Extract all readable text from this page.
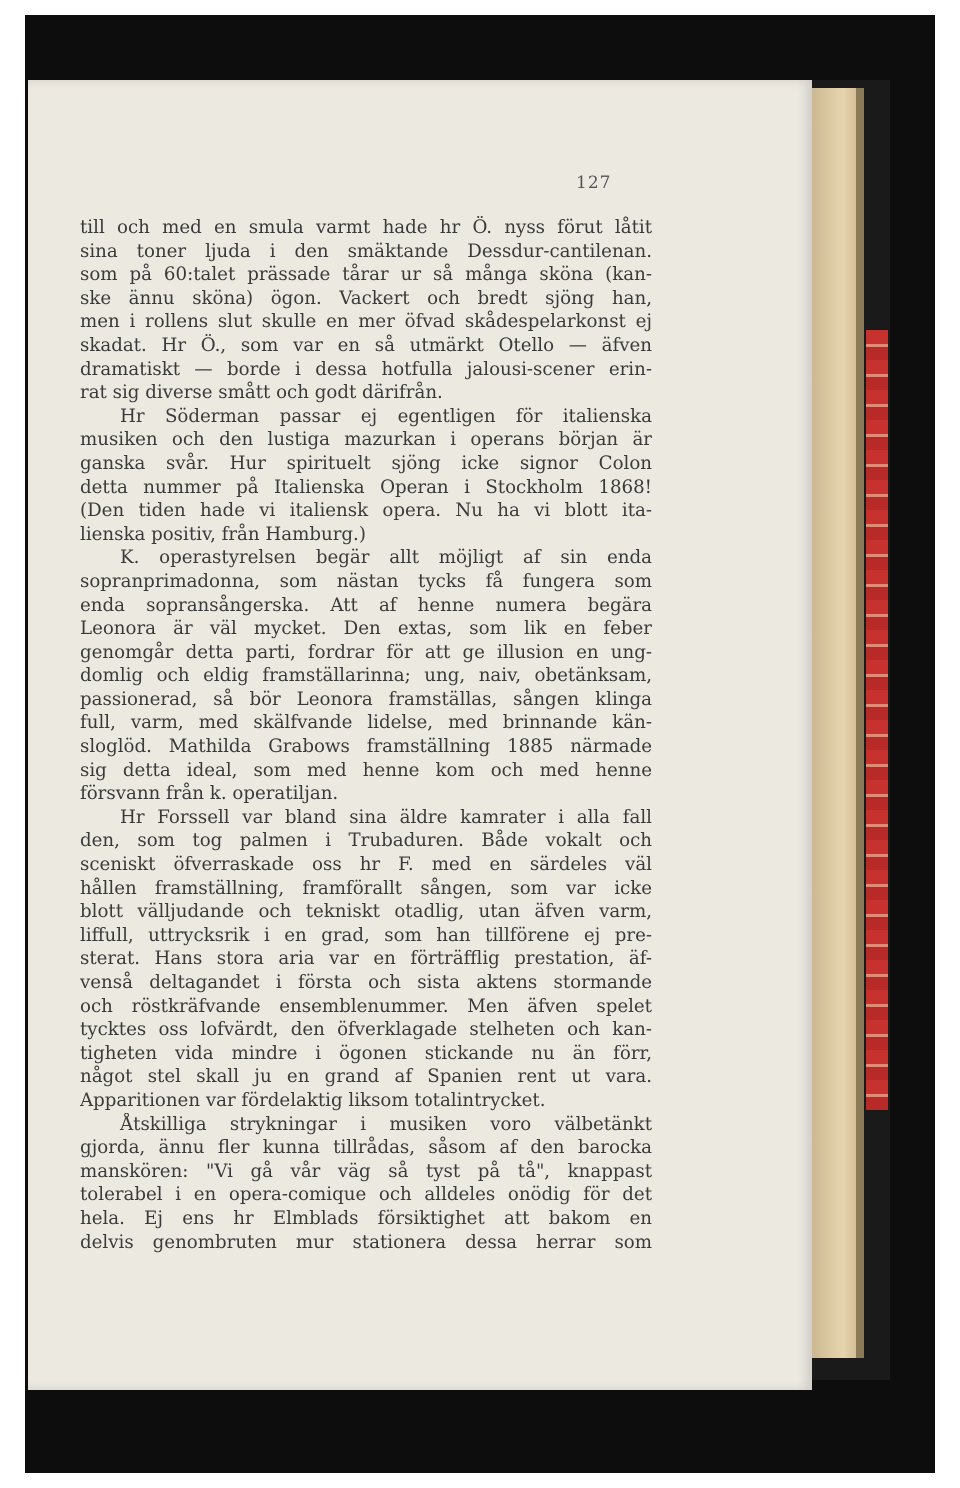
127
till och med en smula varmt hade hr Ö. nyss förut låtit
sina toner ljuda i den smäktande Dessdur-cantilenan.
som på 60:talet prässade tårar ur så många sköna (kan-
ske ännu sköna) ögon. Vackert och bredt sjöng han,
men i rollens slut skulle en mer öfvad skådespelarkonst ej
skadat. Hr Ö., som var en så utmärkt Otello — äfven
dramatiskt — borde i dessa hotfulla jalousi-scener erin-
rat sig diverse smått och godt därifrån.
Hr Söderman passar ej egentligen för italienska
musiken och den lustiga mazurkan i operans början är
ganska svår. Hur spirituelt sjöng icke signor Colon
detta nummer på Italienska Operan i Stockholm 1868!
(Den tiden hade vi italiensk opera. Nu ha vi blott ita-
lienska positiv, från Hamburg.)
K. operastyrelsen begär allt möjligt af sin enda
sopranprimadonna, som nästan tycks få fungera som
enda sopransångerska. Att af henne numera begära
Leonora är väl mycket. Den extas, som lik en feber
genomgår detta parti, fordrar för att ge illusion en ung-
domlig och eldig framställarinna; ung, naiv, obetänksam,
passionerad, så bör Leonora framställas, sången klinga
full, varm, med skälfvande lidelse, med brinnande kän-
sloglöd. Mathilda Grabows framställning 1885 närmade
sig detta ideal, som med henne kom och med henne
försvann från k. operatiljan.
Hr Forssell var bland sina äldre kamrater i alla fall
den, som tog palmen i Trubaduren. Både vokalt och
sceniskt öfverraskade oss hr F. med en särdeles väl
hållen framställning, framförallt sången, som var icke
blott välljudande och tekniskt otadlig, utan äfven varm,
liffull, uttrycksrik i en grad, som han tillförene ej pre-
sterat. Hans stora aria var en förträfflig prestation, äf-
venså deltagandet i första och sista aktens stormande
och röstkräfvande ensemblenummer. Men äfven spelet
tycktes oss lofvärdt, den öfverklagade stelheten och kan-
tigheten vida mindre i ögonen stickande nu än förr,
något stel skall ju en grand af Spanien rent ut vara.
Apparitionen var fördelaktig liksom totalintrycket.
Åtskilliga strykningar i musiken voro välbetänkt
gjorda, ännu fler kunna tillrådas, såsom af den barocka
manskören: "Vi gå vår väg så tyst på tå", knappast
tolerabel i en opera-comique och alldeles onödig för det
hela. Ej ens hr Elmblads försiktighet att bakom en
delvis genombruten mur stationera dessa herrar som
